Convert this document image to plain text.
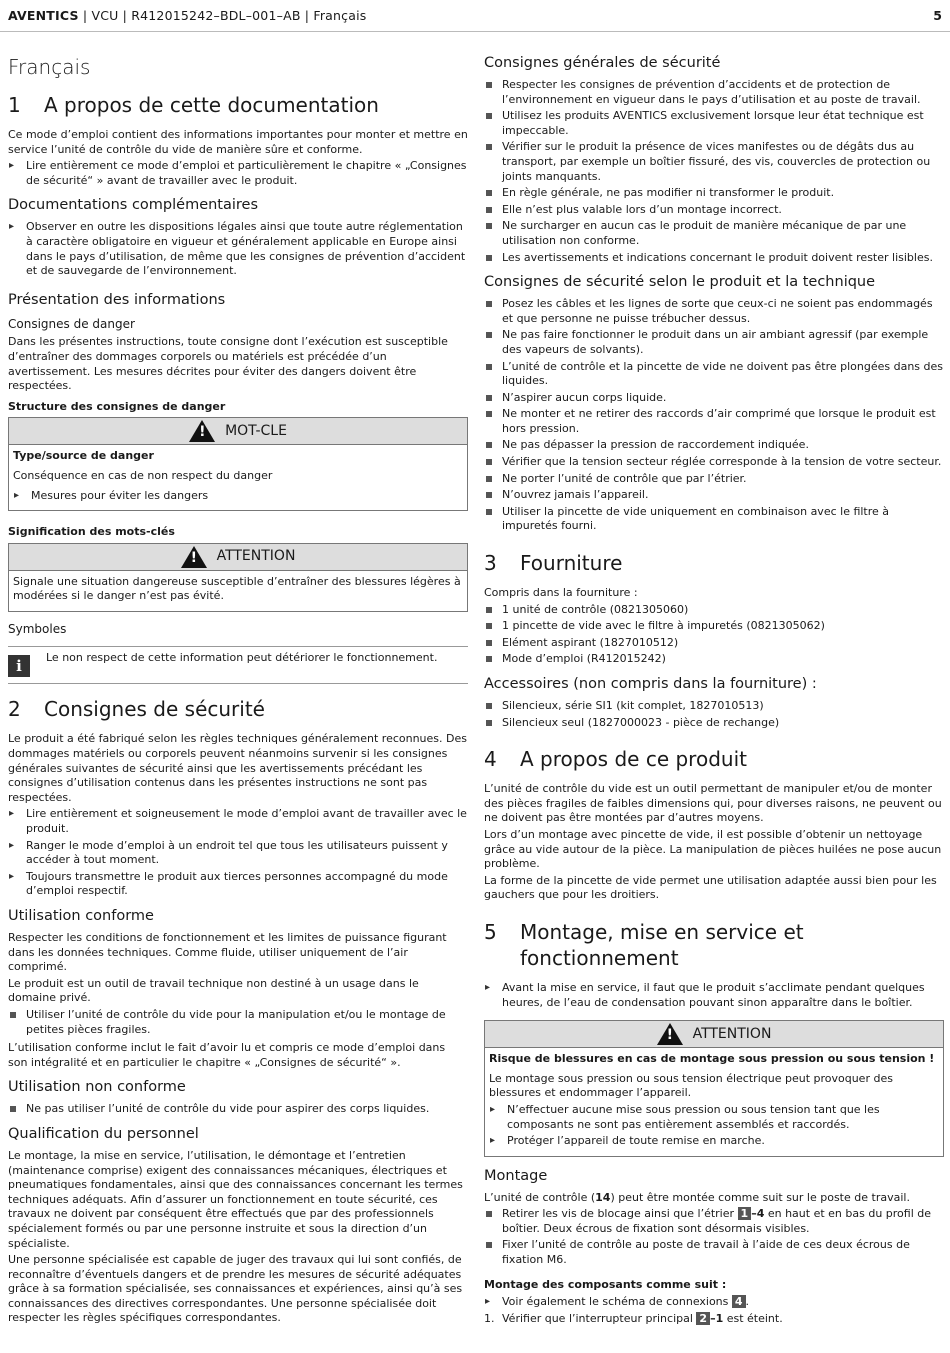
AVENTICS | VCU | R412015242–BDL–001–AB | Français	5
Français
1	A propos de cette documentation

Ce mode d’emploi contient des informations importantes pour monter et mettre en service l’unité de contrôle du vide de manière sûre et conforme.

▸ Lire entièrement ce mode d’emploi et particulièrement le chapitre « „Consignes de sécurité“ » avant de travailler avec le produit.
Documentations complémentaires
▸ Observer en outre les dispositions légales ainsi que toute autre réglementation à caractère obligatoire en vigueur et généralement applicable en Europe ainsi dans le pays d’utilisation, de même que les consignes de prévention d’accident et de sauvegarde de l’environnement.
Présentation des informations
Consignes de danger

Dans les présentes instructions, toute consigne dont l’exécution est susceptible d’entraîner des dommages corporels ou matériels est précédée d’un avertissement. Les mesures décrites pour éviter des dangers doivent être respectées.

Structure des consignes de danger
!
MOT-CLE

Type/source de danger

Conséquence en cas de non respect du danger

▸ Mesures pour éviter les dangers
Signification des mots-clés
!
ATTENTION

Signale une situation dangereuse susceptible d’entraîner des blessures légères à modérées si le danger n’est pas évité.

Symboles
i	Le non respect de cette information peut détériorer le fonctionnement.

2	Consignes de sécurité

Le produit a été fabriqué selon les règles techniques généralement reconnues. Des dommages matériels ou corporels peuvent néanmoins survenir si les consignes générales suivantes de sécurité ainsi que les avertissements précédant les consignes d’utilisation contenus dans les présentes instructions ne sont pas respectées.

▸ Lire entièrement et soigneusement le mode d’emploi avant de travailler avec le produit.
▸ Ranger le mode d’emploi à un endroit tel que tous les utilisateurs puissent y accéder à tout moment.
▸ Toujours transmettre le produit aux tierces personnes accompagné du mode d’emploi respectif.
Utilisation conforme

Respecter les conditions de fonctionnement et les limites de puissance figurant dans les données techniques. Comme fluide, utiliser uniquement de l’air comprimé.

Le produit est un outil de travail technique non destiné à un usage dans le domaine privé.

Utiliser l’unité de contrôle du vide pour la manipulation et/ou le montage de petites pièces fragiles.

L’utilisation conforme inclut le fait d’avoir lu et compris ce mode d’emploi dans son intégralité et en particulier le chapitre « „Consignes de sécurité“ ».

Utilisation non conforme
Ne pas utiliser l’unité de contrôle du vide pour aspirer des corps liquides.
Qualification du personnel

Le montage, la mise en service, l’utilisation, le démontage et l’entretien (maintenance comprise) exigent des connaissances mécaniques, électriques et pneumatiques fondamentales, ainsi que des connaissances concernant les termes techniques adéquats. Afin d’assurer un fonctionnement en toute sécurité, ces travaux ne doivent par conséquent être effectués que par des professionnels spécialement formés ou par une personne instruite et sous la direction d’un spécialiste.

Une personne spécialisée est capable de juger des travaux qui lui sont confiés, de reconnaître d’éventuels dangers et de prendre les mesures de sécurité adéquates grâce à sa formation spécialisée, ses connaissances et expériences, ainsi qu’à ses connaissances des directives correspondantes. Une personne spécialisée doit respecter les règles spécifiques correspondantes.

Consignes générales de sécurité
Respecter les consignes de prévention d’accidents et de protection de l’environnement en vigueur dans le pays d’utilisation et au poste de travail.
Utilisez les produits AVENTICS exclusivement lorsque leur état technique est impeccable.
Vérifier sur le produit la présence de vices manifestes ou de dégâts dus au transport, par exemple un boîtier fissuré, des vis, couvercles de protection ou joints manquants.
En règle générale, ne pas modifier ni transformer le produit.
Elle n’est plus valable lors d’un montage incorrect.
Ne surcharger en aucun cas le produit de manière mécanique de par une utilisation non conforme.
Les avertissements et indications concernant le produit doivent rester lisibles.
Consignes de sécurité selon le produit et la technique
Posez les câbles et les lignes de sorte que ceux-ci ne soient pas endommagés et que personne ne puisse trébucher dessus.
Ne pas faire fonctionner le produit dans un air ambiant agressif (par exemple des vapeurs de solvants).
L’unité de contrôle et la pincette de vide ne doivent pas être plongées dans des liquides.
N’aspirer aucun corps liquide.
Ne monter et ne retirer des raccords d’air comprimé que lorsque le produit est hors pression.
Ne pas dépasser la pression de raccordement indiquée.
Vérifier que la tension secteur réglée corresponde à la tension de votre secteur.
Ne porter l’unité de contrôle que par l’étrier.
N’ouvrez jamais l’appareil.
Utiliser la pincette de vide uniquement en combinaison avec le filtre à impuretés fourni.
3	Fourniture

Compris dans la fourniture :

1 unité de contrôle (0821305060)
1 pincette de vide avec le filtre à impuretés (0821305062)
Elément aspirant (1827010512)
Mode d’emploi (R412015242)
Accessoires (non compris dans la fourniture) :
Silencieux, série SI1 (kit complet, 1827010513)
Silencieux seul (1827000023 - pièce de rechange)
4	A propos de ce produit

L’unité de contrôle du vide est un outil permettant de manipuler et/ou de monter des pièces fragiles de faibles dimensions qui, pour diverses raisons, ne peuvent ou ne doivent pas être montées par d’autres moyens.

Lors d’un montage avec pincette de vide, il est possible d’obtenir un nettoyage grâce au vide autour de la pièce. La manipulation de pièces huilées ne pose aucun problème.

La forme de la pincette de vide permet une utilisation adaptée aussi bien pour les gauchers que pour les droitiers.

5	Montage, mise en service et
fonctionnement
▸ Avant la mise en service, il faut que le produit s’acclimate pendant quelques heures, de l’eau de condensation pouvant sinon apparaître dans le boîtier.
!
ATTENTION

Risque de blessures en cas de montage sous pression ou sous tension !

Le montage sous pression ou sous tension électrique peut provoquer des blessures et endommager l’appareil.

▸ N’effectuer aucune mise sous pression ou sous tension tant que les composants ne sont pas entièrement assemblés et raccordés.
▸ Protéger l’appareil de toute remise en marche.
Montage

L’unité de contrôle (14) peut être montée comme suit sur le poste de travail.

Retirer les vis de blocage ainsi que l’étrier 1 –4 en haut et en bas du profil de boîtier. Deux écrous de fixation sont désormais visibles.
Fixer l’unité de contrôle au poste de travail à l’aide de ces deux écrous de fixation M6.
Montage des composants comme suit :
▸ Voir également le schéma de connexions 4 .
1. Vérifier que l’interrupteur principal 2 –1 est éteint.
